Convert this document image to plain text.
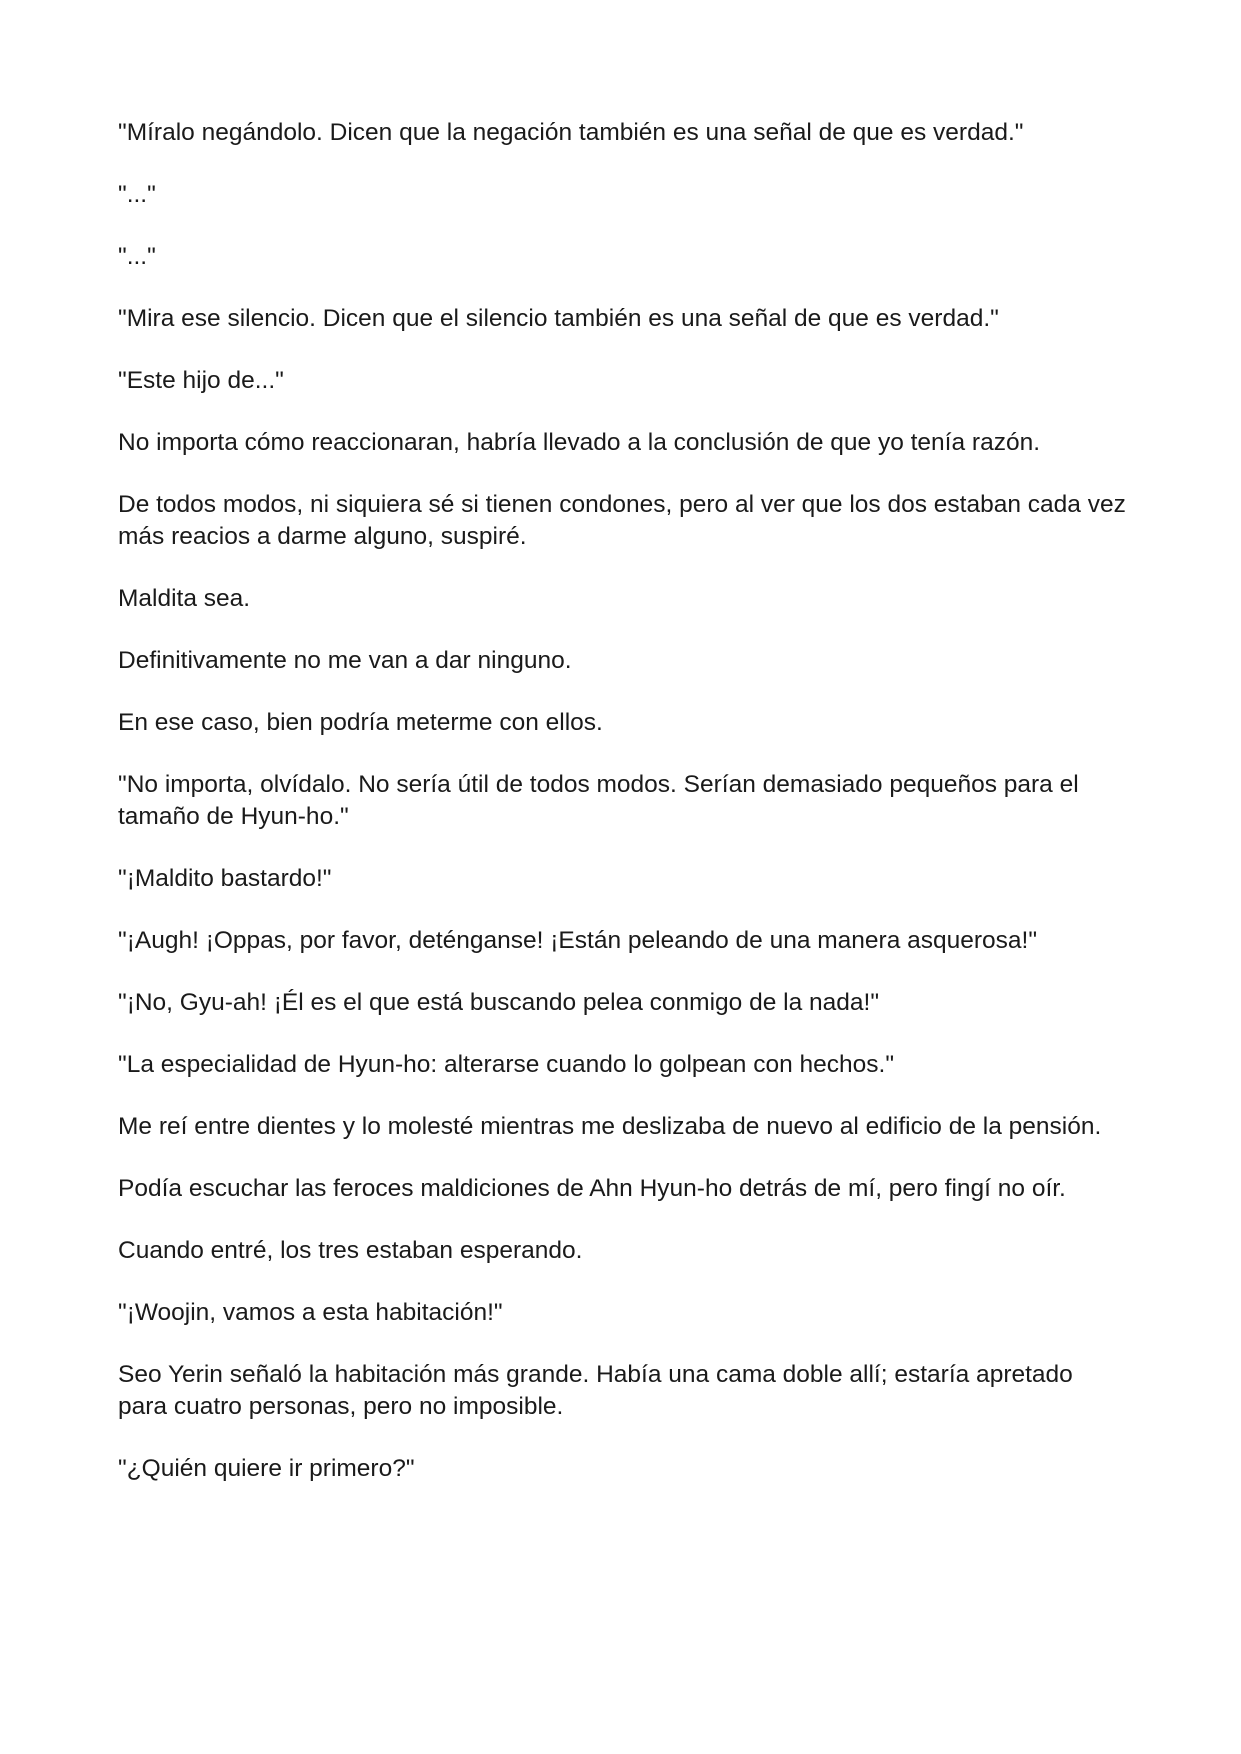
"Míralo negándolo. Dicen que la negación también es una señal de que es verdad."

"..."

"..."

"Mira ese silencio. Dicen que el silencio también es una señal de que es verdad."

"Este hijo de..."

No importa cómo reaccionaran, habría llevado a la conclusión de que yo tenía razón.

De todos modos, ni siquiera sé si tienen condones, pero al ver que los dos estaban cada vez más reacios a darme alguno, suspiré.

Maldita sea.

Definitivamente no me van a dar ninguno.

En ese caso, bien podría meterme con ellos.

"No importa, olvídalo. No sería útil de todos modos. Serían demasiado pequeños para el tamaño de Hyun-ho."

"¡Maldito bastardo!"

"¡Augh! ¡Oppas, por favor, deténganse! ¡Están peleando de una manera asquerosa!"

"¡No, Gyu-ah! ¡Él es el que está buscando pelea conmigo de la nada!"

"La especialidad de Hyun-ho: alterarse cuando lo golpean con hechos."

Me reí entre dientes y lo molesté mientras me deslizaba de nuevo al edificio de la pensión.

Podía escuchar las feroces maldiciones de Ahn Hyun-ho detrás de mí, pero fingí no oír.

Cuando entré, los tres estaban esperando.

"¡Woojin, vamos a esta habitación!"

Seo Yerin señaló la habitación más grande. Había una cama doble allí; estaría apretado para cuatro personas, pero no imposible.

"¿Quién quiere ir primero?"
